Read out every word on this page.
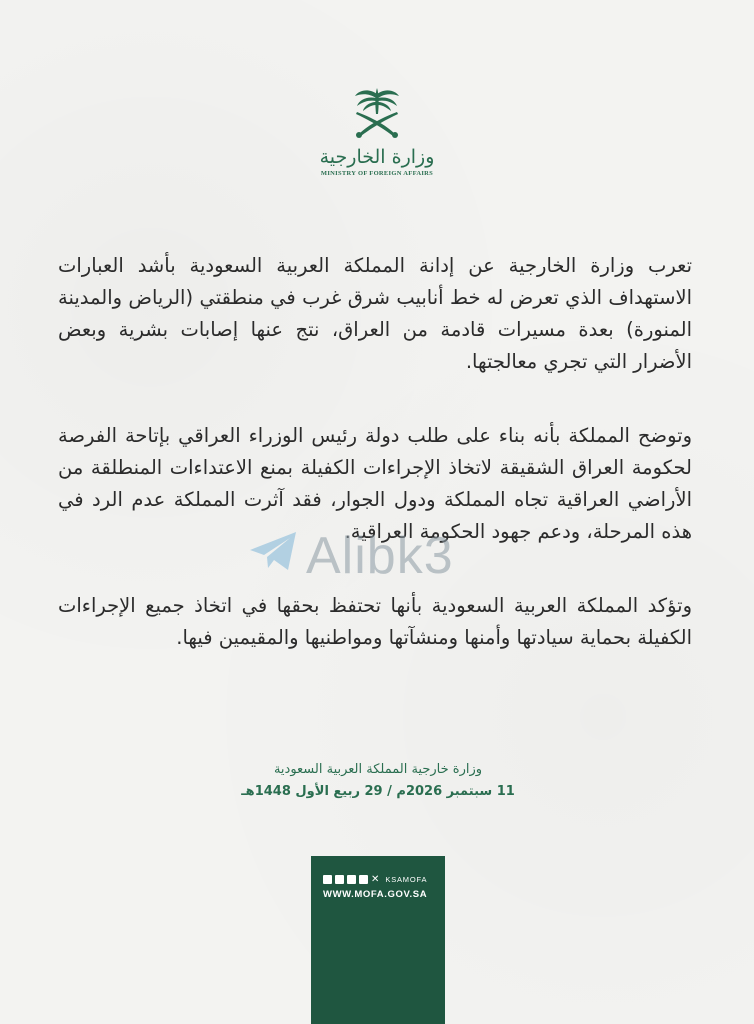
وزارة الخارجية
MINISTRY OF FOREIGN AFFAIRS

تعرب وزارة الخارجية عن إدانة المملكة العربية السعودية بأشد العبارات الاستهداف الذي تعرض له خط أنابيب شرق غرب في منطقتي (الرياض والمدينة المنورة) بعدة مسيرات قادمة من العراق، نتج عنها إصابات بشرية وبعض الأضرار التي تجري معالجتها.

وتوضح المملكة بأنه بناء على طلب دولة رئيس الوزراء العراقي بإتاحة الفرصة لحكومة العراق الشقيقة لاتخاذ الإجراءات الكفيلة بمنع الاعتداءات المنطلقة من الأراضي العراقية تجاه المملكة ودول الجوار، فقد آثرت المملكة عدم الرد في هذه المرحلة، ودعم جهود الحكومة العراقية.

وتؤكد المملكة العربية السعودية بأنها تحتفظ بحقها في اتخاذ جميع الإجراءات الكفيلة بحماية سيادتها وأمنها ومنشآتها ومواطنيها والمقيمين فيها.

Alibk3
وزارة خارجية المملكة العربية السعودية
11 سبتمبر 2026م / 29 ربيع الأول 1448هـ
✕ KSAMOFA
WWW.MOFA.GOV.SA
